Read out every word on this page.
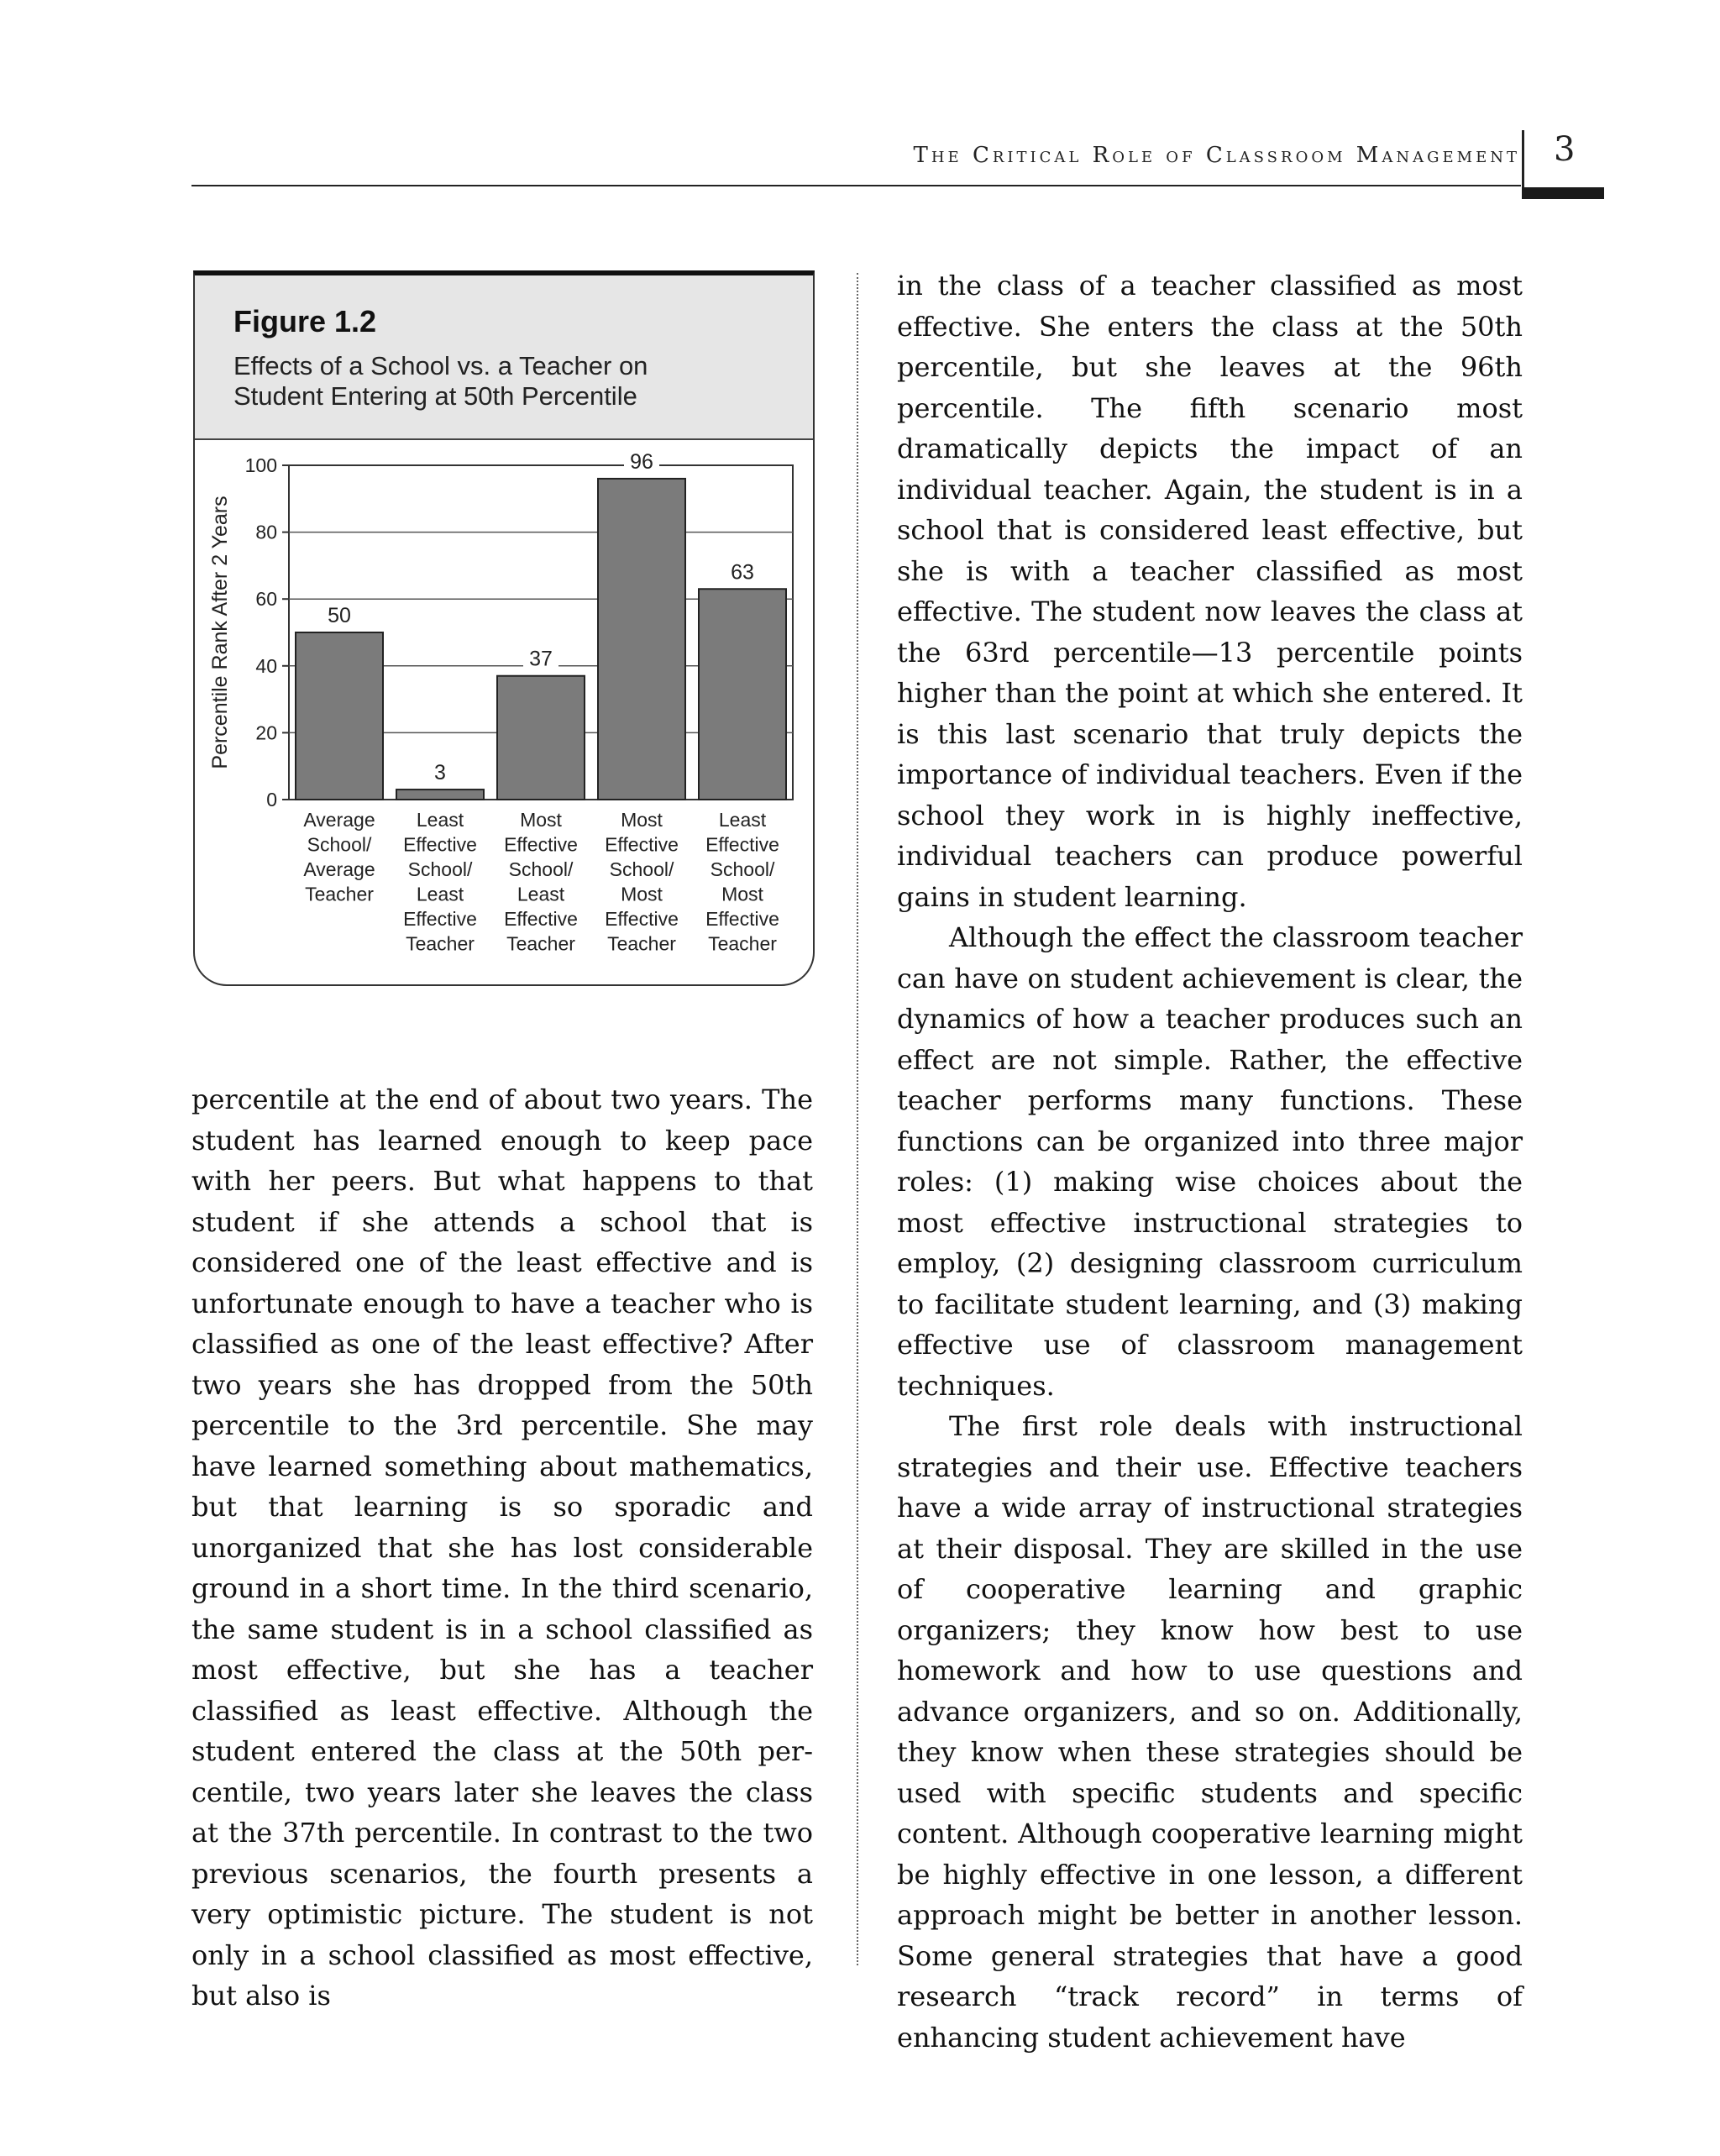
The Critical Role of Classroom Management 3
Figure 1.2
Effects of a School vs. a Teacher on
Student Entering at 50th Percentile
0
20
40
60
80
100
Percentile Rank After 2 Years	50
Average
School/
Average
Teacher
3
Least
Effective
School/
Least
Effective
Teacher
37
Most
Effective
School/
Least
Effective
Teacher
96
Most
Effective
School/
Most
Effective
Teacher
63
Least
Effective
School/
Most
Effective
Teacher

percentile at the end of about two years. The student has learned enough to keep pace with her peers. But what happens to that student if she attends a school that is considered one of the least effective and is unfortunate enough to have a teacher who is classified as one of the least effective? After two years she has dropped from the 50th percentile to the 3rd percentile. She may have learned something about mathematics, but that learning is so sporadic and unorganized that she has lost considerable ground in a short time. In the third scenario, the same student is in a school classified as most effective, but she has a teacher classified as least effective. Although the student entered the class at the 50th percentile, two years later she leaves the class at the 37th percentile. In contrast to the two previous scenarios, the fourth presents a very optimistic picture. The student is not only in a school classified as most effective, but also is

in the class of a teacher classified as most effective. She enters the class at the 50th percentile, but she leaves at the 96th percentile. The fifth scenario most dramatically depicts the impact of an individual teacher. Again, the student is in a school that is considered least effective, but she is with a teacher classified as most effective. The student now leaves the class at the 63rd percentile—13 percentile points higher than the point at which she entered. It is this last scenario that truly depicts the importance of individual teachers. Even if the school they work in is highly ineffective, individual teachers can produce powerful gains in student learning.

Although the effect the classroom teacher can have on student achievement is clear, the dynamics of how a teacher produces such an effect are not simple. Rather, the effective teacher performs many functions. These functions can be organized into three major roles: (1) making wise choices about the most effective instructional strategies to employ, (2) designing classroom curriculum to facilitate student learning, and (3) making effective use of classroom management techniques.

The first role deals with instructional strategies and their use. Effective teachers have a wide array of instructional strategies at their disposal. They are skilled in the use of cooperative learning and graphic organizers; they know how best to use homework and how to use questions and advance organizers, and so on. Additionally, they know when these strategies should be used with specific students and specific content. Although cooperative learning might be highly effective in one lesson, a different approach might be better in another lesson. Some general strategies that have a good research “track record” in terms of enhancing student achievement have
